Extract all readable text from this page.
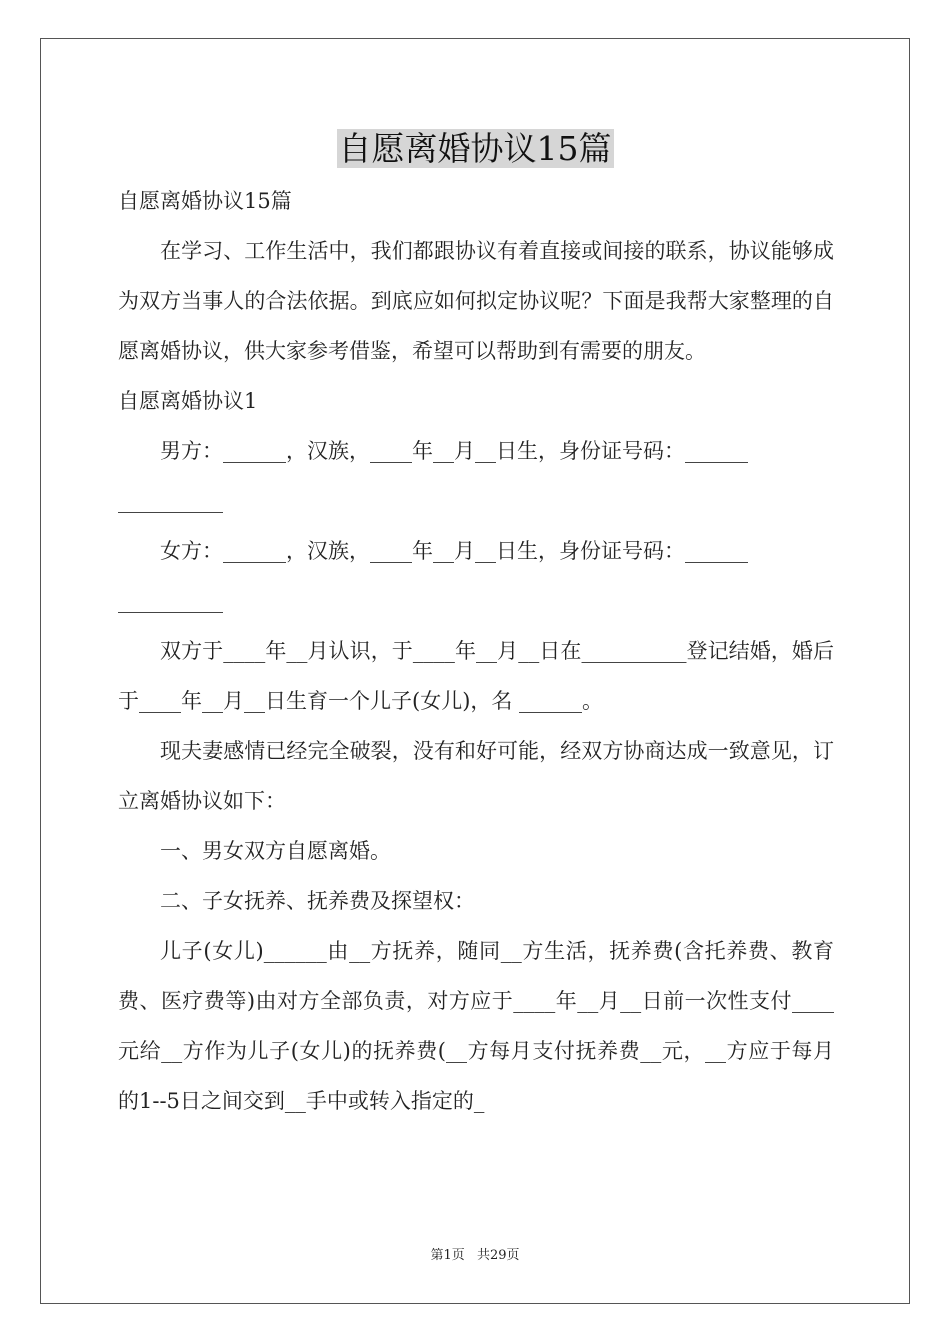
自愿离婚协议15篇

自愿离婚协议15篇

在学习、工作生活中，我们都跟协议有着直接或间接的联系，协议能够成为双方当事人的合法依据。到底应如何拟定协议呢？下面是我帮大家整理的自愿离婚协议，供大家参考借鉴，希望可以帮助到有需要的朋友。

自愿离婚协议1

男方：______，汉族，____年__月__日生，身份证号码：______

__________

女方：______，汉族，____年__月__日生，身份证号码：______

__________

双方于____年__月认识，于____年__月__日在__________登记结婚，婚后于____年__月__日生育一个儿子(女儿)，名 ______。

现夫妻感情已经完全破裂，没有和好可能，经双方协商达成一致意见，订立离婚协议如下：

一、男女双方自愿离婚。

二、子女抚养、抚养费及探望权：

儿子(女儿)______由__方抚养，随同__方生活，抚养费(含托养费、教育费、医疗费等)由对方全部负责，对方应于____年__月__日前一次性支付____元给__方作为儿子(女儿)的抚养费(__方每月支付抚养费__元，__方应于每月的1--5日之间交到__手中或转入指定的_

第1页 共29页
